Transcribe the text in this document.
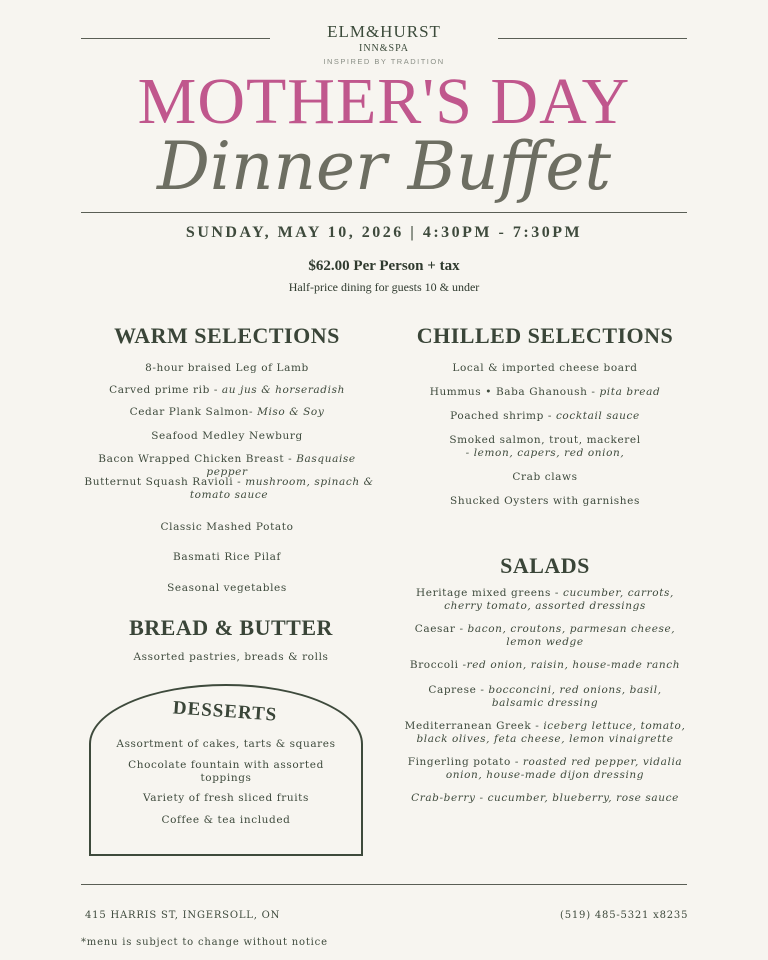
ELM&HURST
INN&SPA
INSPIRED BY TRADITION
MOTHER'S DAY
Dinner Buffet
SUNDAY, MAY 10, 2026 | 4:30PM - 7:30PM
$62.00 Per Person + tax
Half-price dining for guests 10 & under
WARM SELECTIONS
8-hour braised Leg of Lamb
Carved prime rib - au jus & horseradish
Cedar Plank Salmon- Miso & Soy
Seafood Medley Newburg
Bacon Wrapped Chicken Breast - Basquaise pepper
Butternut Squash Ravioli - mushroom, spinach & tomato sauce
Classic Mashed Potato
Basmati Rice Pilaf
Seasonal vegetables
BREAD & BUTTER
Assorted pastries, breads & rolls
DESSERTS
Assortment of cakes, tarts & squares
Chocolate fountain with assorted toppings
Variety of fresh sliced fruits
Coffee & tea included
CHILLED SELECTIONS
Local & imported cheese board
Hummus • Baba Ghanoush - pita bread
Poached shrimp - cocktail sauce
Smoked salmon, trout, mackerel
- lemon, capers, red onion,
Crab claws
Shucked Oysters with garnishes
SALADS
Heritage mixed greens - cucumber, carrots, cherry tomato, assorted dressings
Caesar - bacon, croutons, parmesan cheese, lemon wedge
Broccoli -red onion, raisin, house-made ranch
Caprese - bocconcini, red onions, basil, balsamic dressing
Mediterranean Greek - iceberg lettuce, tomato, black olives, feta cheese, lemon vinaigrette
Fingerling potato - roasted red pepper, vidalia onion, house-made dijon dressing
Crab-berry - cucumber, blueberry, rose sauce
415 HARRIS ST, INGERSOLL, ON	(519) 485-5321 x8235
*menu is subject to change without notice
